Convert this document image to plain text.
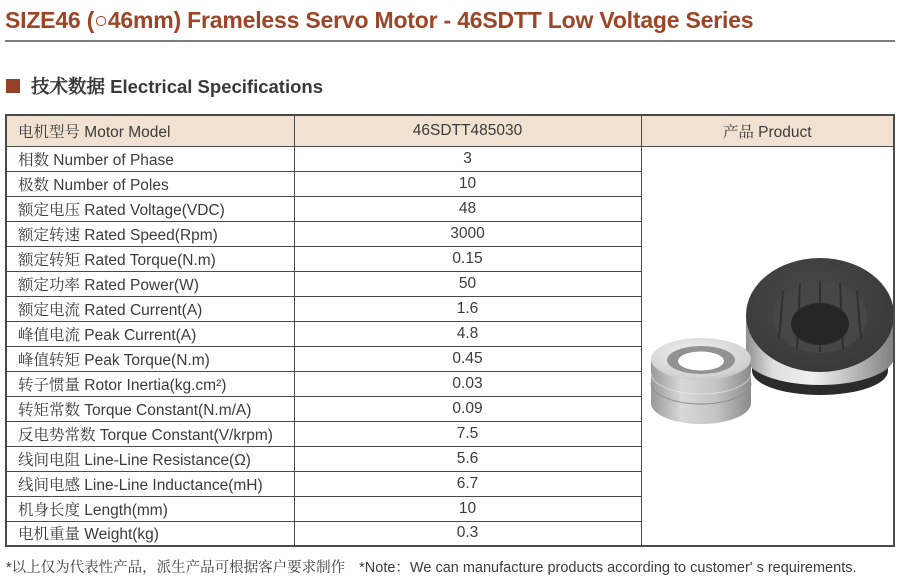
SIZE46 (○46mm) Frameless Servo Motor - 46SDTT Low Voltage Series
技术数据 Electrical Specifications
电机型号 Motor Model	46SDTT485030	产品 Product
相数 Number of Phase	3	

极数 Number of Poles	10	
额定电压 Rated Voltage(VDC)	48	
额定转速 Rated Speed(Rpm)	3000	
额定转矩 Rated Torque(N.m)	0.15	
额定功率 Rated Power(W)	50	
额定电流 Rated Current(A)	1.6	
峰值电流 Peak Current(A)	4.8	
峰值转矩 Peak Torque(N.m)	0.45	
转子惯量 Rotor Inertia(kg.cm²)	0.03	
转矩常数 Torque Constant(N.m/A)	0.09	
反电势常数 Torque Constant(V/krpm)	7.5	
线间电阻 Line-Line Resistance(Ω)	5.6	
线间电感 Line-Line Inductance(mH)	6.7	
机身长度 Length(mm)	10	
电机重量 Weight(kg)	0.3	

*以上仅为代表性产品，派生产品可根据客户要求制作 *Note：We can manufacture products according to customer' s requirements.
